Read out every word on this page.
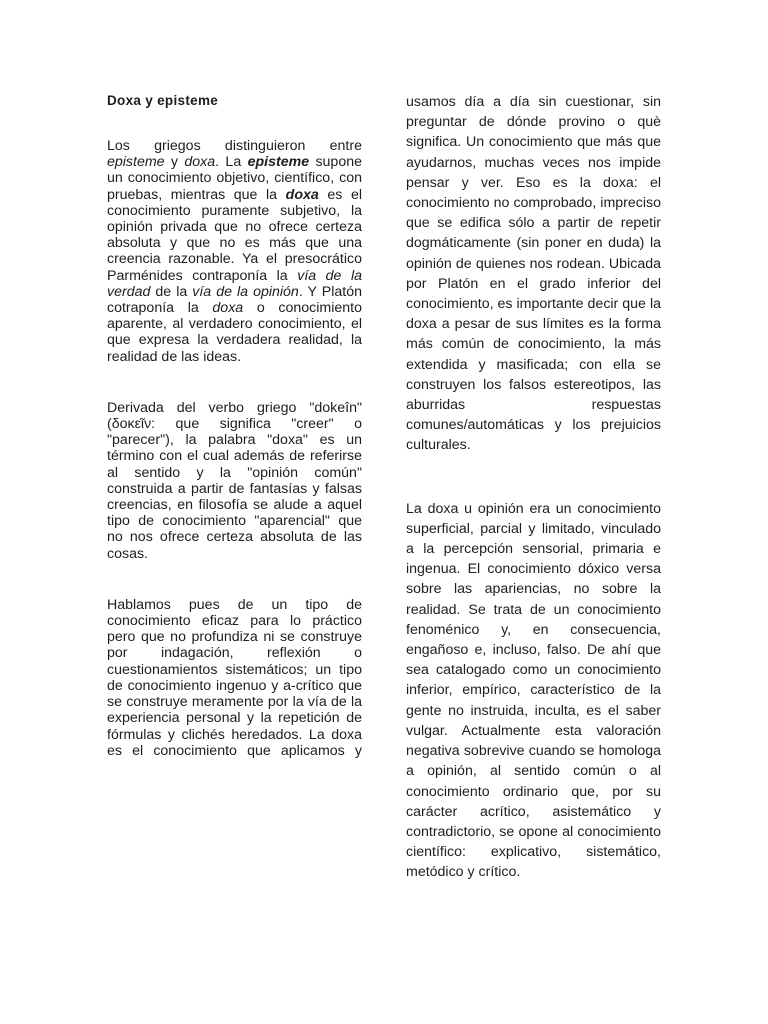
Doxa y episteme

Los griegos distinguieron entre episteme y doxa. La episteme supone un conocimiento objetivo, científico, con pruebas, mientras que la doxa es el conocimiento puramente subjetivo, la opinión privada que no ofrece certeza absoluta y que no es más que una creencia razonable. Ya el presocrático Parménides contraponía la vía de la verdad de la vía de la opinión. Y Platón cotraponía la doxa o conocimiento aparente, al verdadero conocimiento, el que expresa la verdadera realidad, la realidad de las ideas.

Derivada del verbo griego "dokeîn" (δοκεῖν: que significa "creer" o "parecer"), la palabra "doxa" es un término con el cual además de referirse al sentido y la "opinión común" construida a partir de fantasías y falsas creencias, en filosofía se alude a aquel tipo de conocimiento "aparencial" que no nos ofrece certeza absoluta de las cosas.

Hablamos pues de un tipo de conocimiento eficaz para lo práctico pero que no profundiza ni se construye por indagación, reflexión o cuestionamientos sistemáticos; un tipo de conocimiento ingenuo y a-crítico que se construye meramente por la vía de la experiencia personal y la repetición de fórmulas y clichés heredados. La doxa es el conocimiento que aplicamos y

usamos día a día sin cuestionar, sin preguntar de dónde provino o què significa. Un conocimiento que más que ayudarnos, muchas veces nos impide pensar y ver. Eso es la doxa: el conocimiento no comprobado, impreciso que se edifica sólo a partir de repetir dogmáticamente (sin poner en duda) la opinión de quienes nos rodean. Ubicada por Platón en el grado inferior del conocimiento, es importante decir que la doxa a pesar de sus límites es la forma más común de conocimiento, la más extendida y masificada; con ella se construyen los falsos estereotipos, las aburridas respuestas comunes/automáticas y los prejuicios culturales.

La doxa u opinión era un conocimiento superficial, parcial y limitado, vinculado a la percepción sensorial, primaria e ingenua. El conocimiento dóxico versa sobre las apariencias, no sobre la realidad. Se trata de un conocimiento fenoménico y, en consecuencia, engañoso e, incluso, falso. De ahí que sea catalogado como un conocimiento inferior, empírico, característico de la gente no instruida, inculta, es el saber vulgar. Actualmente esta valoración negativa sobrevive cuando se homologa a opinión, al sentido común o al conocimiento ordinario que, por su carácter acrítico, asistemático y contradictorio, se opone al conocimiento científico: explicativo, sistemático, metódico y crítico.
